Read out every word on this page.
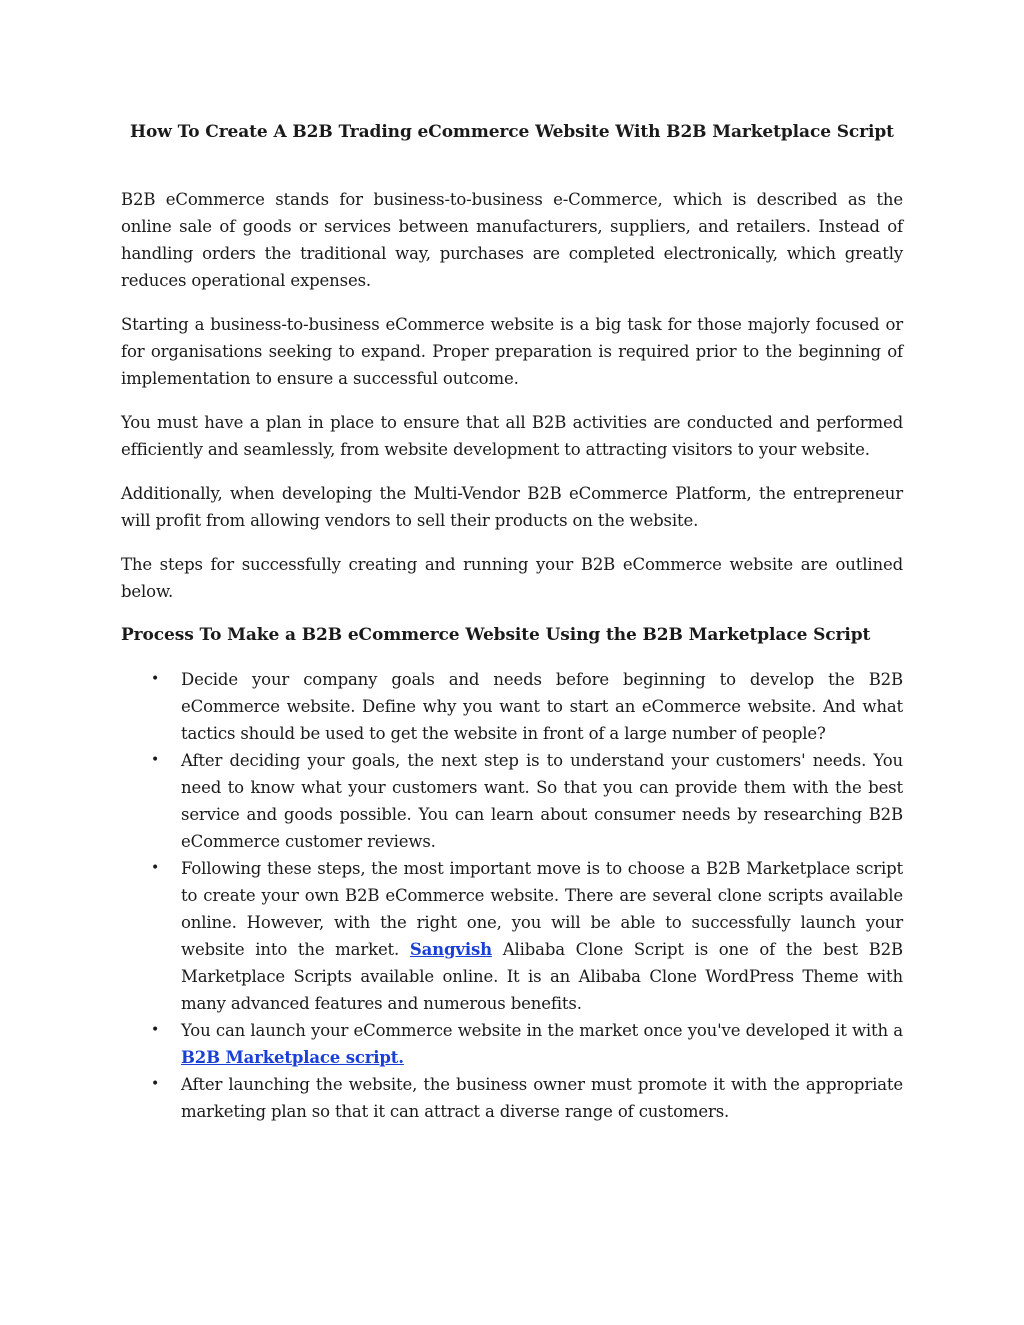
How To Create A B2B Trading eCommerce Website With B2B Marketplace Script

B2B eCommerce stands for business-to-business e-Commerce, which is described as the online sale of goods or services between manufacturers, suppliers, and retailers. Instead of handling orders the traditional way, purchases are completed electronically, which greatly reduces operational expenses.

Starting a business-to-business eCommerce website is a big task for those majorly focused or for organisations seeking to expand. Proper preparation is required prior to the beginning of implementation to ensure a successful outcome.

You must have a plan in place to ensure that all B2B activities are conducted and performed efficiently and seamlessly, from website development to attracting visitors to your website.

Additionally, when developing the Multi-Vendor B2B eCommerce Platform, the entrepreneur will profit from allowing vendors to sell their products on the website.

The steps for successfully creating and running your B2B eCommerce website are outlined below.

Process To Make a B2B eCommerce Website Using the B2B Marketplace Script
• Decide your company goals and needs before beginning to develop the B2B eCommerce website. Define why you want to start an eCommerce website. And what tactics should be used to get the website in front of a large number of people?
• After deciding your goals, the next step is to understand your customers' needs. You need to know what your customers want. So that you can provide them with the best service and goods possible. You can learn about consumer needs by researching B2B eCommerce customer reviews.
• Following these steps, the most important move is to choose a B2B Marketplace script to create your own B2B eCommerce website. There are several clone scripts available online. However, with the right one, you will be able to successfully launch your website into the market. Sangvish Alibaba Clone Script is one of the best B2B Marketplace Scripts available online. It is an Alibaba Clone WordPress Theme with many advanced features and numerous benefits.
• You can launch your eCommerce website in the market once you've developed it with a B2B Marketplace script.
• After launching the website, the business owner must promote it with the appropriate marketing plan so that it can attract a diverse range of customers.
